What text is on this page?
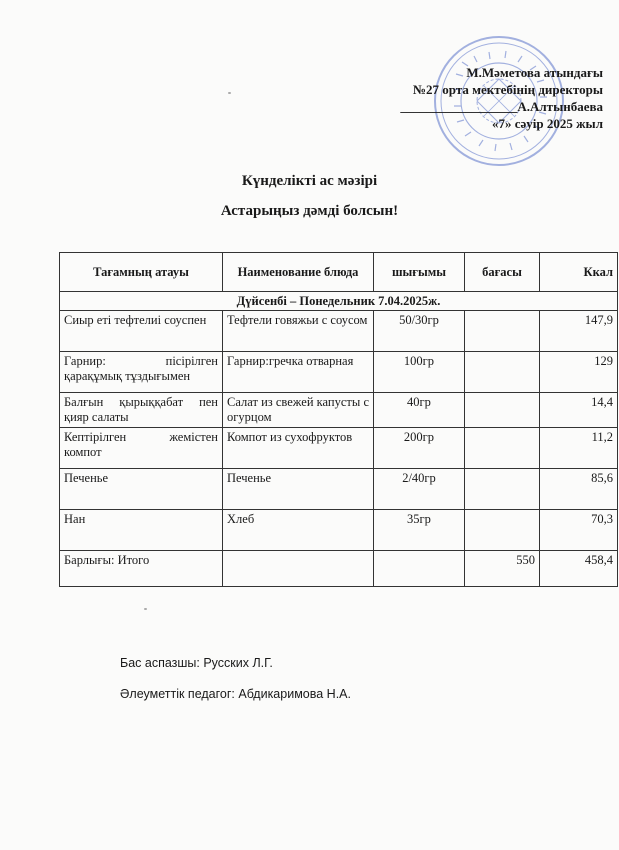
М.Мәметова атындағы
№27 орта мектебінің директоры
__________________А.Алтынбаева
«7» сәуір 2025 жыл
Күнделікті ас мәзірі
Астарыңыз дәмді болсын!
Тағамның атауы	Наименование блюда	шығымы	бағасы	Ккал
Дүйсенбі – Понедельник 7.04.2025ж.				
Сиыр еті тефтелиі соуспен	Тефтели говяжьи с соусом	50/30гр		147,9
Гарнир: пісірілген қарақұмық тұздығымен	Гарнир:гречка отварная	100гр		129
Балғын қырыққабат пен қияр салаты	Салат из свежей капусты с огурцом	40гр		14,4
Кептірілген жемістен компот	Компот из сухофруктов	200гр		11,2
Печенье	Печенье	2/40гр		85,6
Нан	Хлеб	35гр		70,3
Барлығы: Итого			550	458,4
Бас аспазшы: Русских Л.Г.
Әлеуметтік педагог: Абдикаримова Н.А.
